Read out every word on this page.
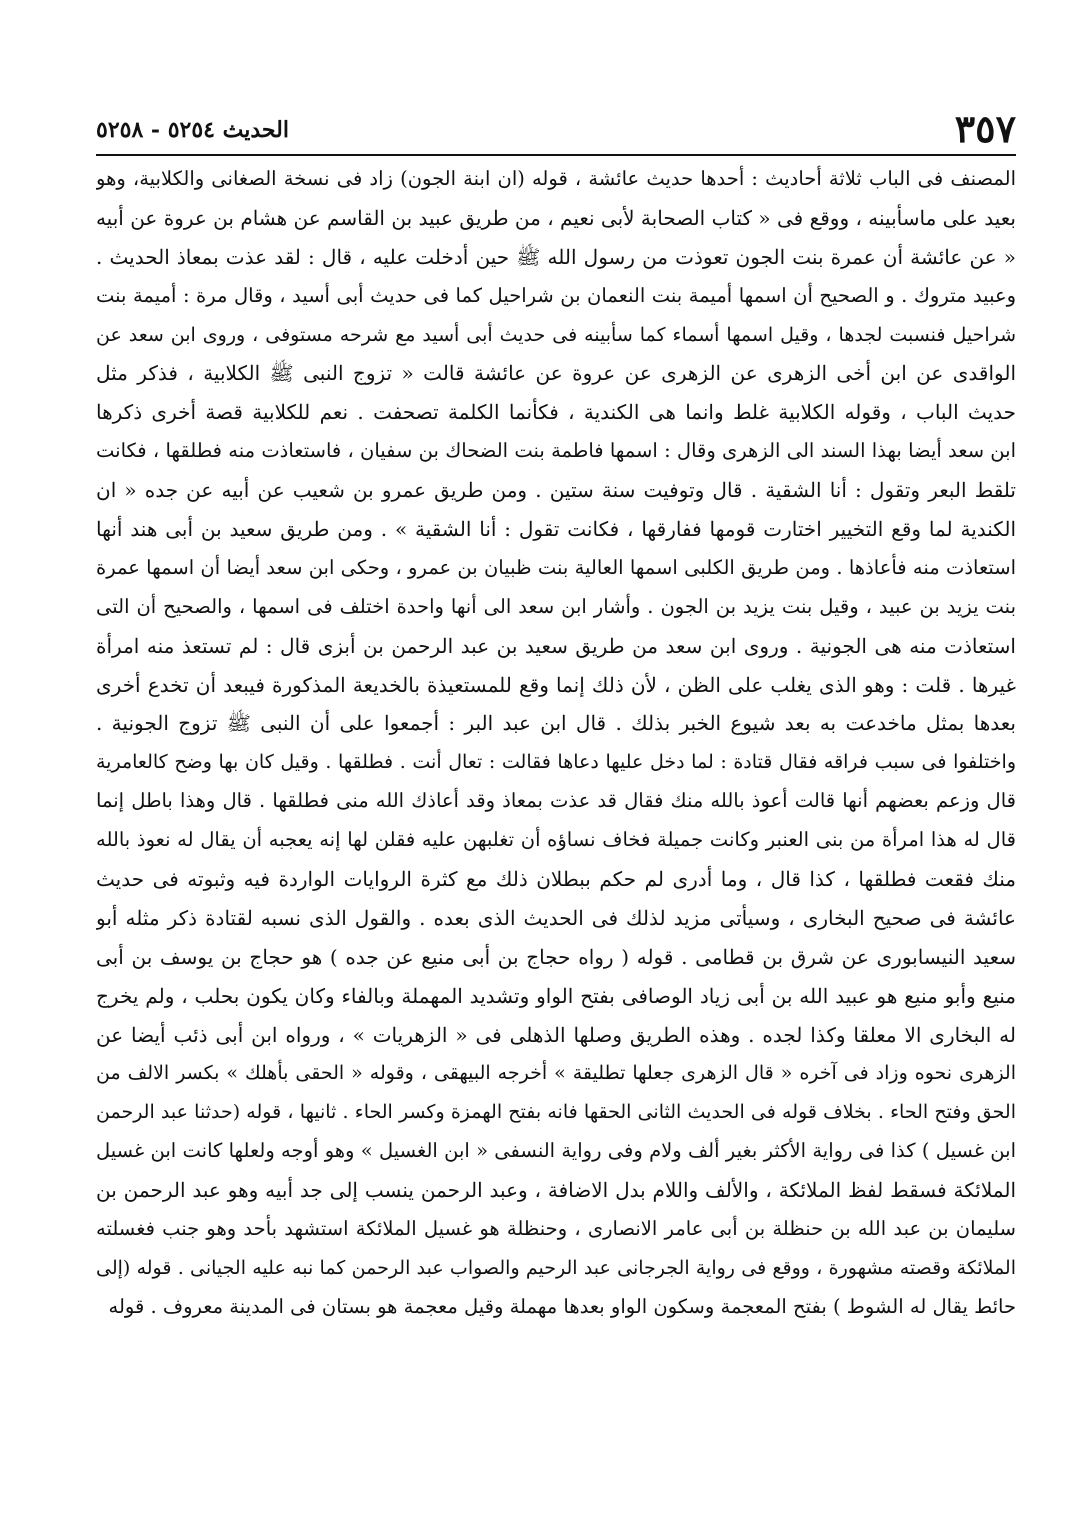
٣٥٧
الحديث ٥٢٥٤ - ٥٢٥٨
المصنف فى الباب ثلاثة أحاديث : أحدها حديث عائشة ، قوله (ان ابنة الجون) زاد فى نسخة الصغانى والكلابية، وهو
بعيد على ماسأبينه ، ووقع فى « كتاب الصحابة لأبى نعيم ، من طريق عبيد بن القاسم عن هشام بن عروة عن أبيه
« عن عائشة أن عمرة بنت الجون تعوذت من رسول الله ﷺ حين أدخلت عليه ، قال : لقد عذت بمعاذ الحديث .
وعبيد متروك . و الصحيح أن اسمها أميمة بنت النعمان بن شراحيل كما فى حديث أبى أسيد ، وقال مرة : أميمة بنت
شراحيل فنسبت لجدها ، وقيل اسمها أسماء كما سأبينه فى حديث أبى أسيد مع شرحه مستوفى ، وروى ابن سعد عن
الواقدى عن ابن أخى الزهرى عن الزهرى عن عروة عن عائشة قالت « تزوج النبى ﷺ الكلابية ، فذكر مثل
حديث الباب ، وقوله الكلابية غلط وانما هى الكندية ، فكأنما الكلمة تصحفت . نعم للكلابية قصة أخرى ذكرها
ابن سعد أيضا بهذا السند الى الزهرى وقال : اسمها فاطمة بنت الضحاك بن سفيان ، فاستعاذت منه فطلقها ، فكانت
تلقط البعر وتقول : أنا الشقية . قال وتوفيت سنة ستين . ومن طريق عمرو بن شعيب عن أبيه عن جده « ان
الكندية لما وقع التخيير اختارت قومها ففارقها ، فكانت تقول : أنا الشقية » . ومن طريق سعيد بن أبى هند أنها
استعاذت منه فأعاذها . ومن طريق الكلبى اسمها العالية بنت ظبيان بن عمرو ، وحكى ابن سعد أيضا أن اسمها عمرة
بنت يزيد بن عبيد ، وقيل بنت يزيد بن الجون . وأشار ابن سعد الى أنها واحدة اختلف فى اسمها ، والصحيح أن التى
استعاذت منه هى الجونية . وروى ابن سعد من طريق سعيد بن عبد الرحمن بن أبزى قال : لم تستعذ منه امرأة
غيرها . قلت : وهو الذى يغلب على الظن ، لأن ذلك إنما وقع للمستعيذة بالخديعة المذكورة فيبعد أن تخدع أخرى
بعدها بمثل ماخدعت به بعد شيوع الخبر بذلك . قال ابن عبد البر : أجمعوا على أن النبى ﷺ تزوج الجونية .
واختلفوا فى سبب فراقه فقال قتادة : لما دخل عليها دعاها فقالت : تعال أنت . فطلقها . وقيل كان بها وضح كالعامرية
قال وزعم بعضهم أنها قالت أعوذ بالله منك فقال قد عذت بمعاذ وقد أعاذك الله منى فطلقها . قال وهذا باطل إنما
قال له هذا امرأة من بنى العنبر وكانت جميلة فخاف نساؤه أن تغلبهن عليه فقلن لها إنه يعجبه أن يقال له نعوذ بالله
منك فقعت فطلقها ، كذا قال ، وما أدرى لم حكم ببطلان ذلك مع كثرة الروايات الواردة فيه وثبوته فى حديث
عائشة فى صحيح البخارى ، وسيأتى مزيد لذلك فى الحديث الذى بعده . والقول الذى نسبه لقتادة ذكر مثله أبو
سعيد النيسابورى عن شرق بن قطامى . قوله ( رواه حجاج بن أبى منيع عن جده ) هو حجاج بن يوسف بن أبى
منيع وأبو منيع هو عبيد الله بن أبى زياد الوصافى بفتح الواو وتشديد المهملة وبالفاء وكان يكون بحلب ، ولم يخرج
له البخارى الا معلقا وكذا لجده . وهذه الطريق وصلها الذهلى فى « الزهريات » ، ورواه ابن أبى ذئب أيضا عن
الزهرى نحوه وزاد فى آخره « قال الزهرى جعلها تطليقة » أخرجه البيهقى ، وقوله « الحقى بأهلك » بكسر الالف من
الحق وفتح الحاء . بخلاف قوله فى الحديث الثانى الحقها فانه بفتح الهمزة وكسر الحاء . ثانيها ، قوله (حدثنا عبد الرحمن
ابن غسيل ) كذا فى رواية الأكثر بغير ألف ولام وفى رواية النسفى « ابن الغسيل » وهو أوجه ولعلها كانت ابن غسيل
الملائكة فسقط لفظ الملائكة ، والألف واللام بدل الاضافة ، وعبد الرحمن ينسب إلى جد أبيه وهو عبد الرحمن بن
سليمان بن عبد الله بن حنظلة بن أبى عامر الانصارى ، وحنظلة هو غسيل الملائكة استشهد بأحد وهو جنب فغسلته
الملائكة وقصته مشهورة ، ووقع فى رواية الجرجانى عبد الرحيم والصواب عبد الرحمن كما نبه عليه الجيانى . قوله (إلى
حائط يقال له الشوط ) بفتح المعجمة وسكون الواو بعدها مهملة وقيل معجمة هو بستان فى المدينة معروف . قوله
